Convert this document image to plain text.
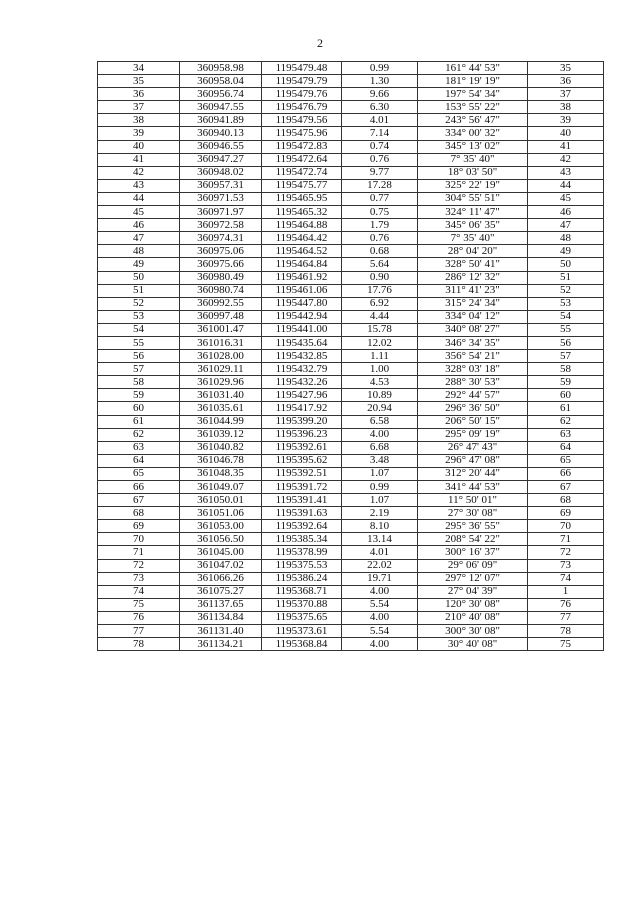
2
34	360958.98	1195479.48	0.99	161° 44' 53"	35
35	360958.04	1195479.79	1.30	181° 19' 19"	36
36	360956.74	1195479.76	9.66	197° 54' 34"	37
37	360947.55	1195476.79	6.30	153° 55' 22"	38
38	360941.89	1195479.56	4.01	243° 56' 47"	39
39	360940.13	1195475.96	7.14	334° 00' 32"	40
40	360946.55	1195472.83	0.74	345° 13' 02"	41
41	360947.27	1195472.64	0.76	7° 35' 40"	42
42	360948.02	1195472.74	9.77	18° 03' 50"	43
43	360957.31	1195475.77	17.28	325° 22' 19"	44
44	360971.53	1195465.95	0.77	304° 55' 51"	45
45	360971.97	1195465.32	0.75	324° 11' 47"	46
46	360972.58	1195464.88	1.79	345° 06' 35"	47
47	360974.31	1195464.42	0.76	7° 35' 40"	48
48	360975.06	1195464.52	0.68	28° 04' 20"	49
49	360975.66	1195464.84	5.64	328° 50' 41"	50
50	360980.49	1195461.92	0.90	286° 12' 32"	51
51	360980.74	1195461.06	17.76	311° 41' 23"	52
52	360992.55	1195447.80	6.92	315° 24' 34"	53
53	360997.48	1195442.94	4.44	334° 04' 12"	54
54	361001.47	1195441.00	15.78	340° 08' 27"	55
55	361016.31	1195435.64	12.02	346° 34' 35"	56
56	361028.00	1195432.85	1.11	356° 54' 21"	57
57	361029.11	1195432.79	1.00	328° 03' 18"	58
58	361029.96	1195432.26	4.53	288° 30' 53"	59
59	361031.40	1195427.96	10.89	292° 44' 57"	60
60	361035.61	1195417.92	20.94	296° 36' 50"	61
61	361044.99	1195399.20	6.58	206° 50' 15"	62
62	361039.12	1195396.23	4.00	295° 09' 19"	63
63	361040.82	1195392.61	6.68	26° 47' 43"	64
64	361046.78	1195395.62	3.48	296° 47' 08"	65
65	361048.35	1195392.51	1.07	312° 20' 44"	66
66	361049.07	1195391.72	0.99	341° 44' 53"	67
67	361050.01	1195391.41	1.07	11° 50' 01"	68
68	361051.06	1195391.63	2.19	27° 30' 08"	69
69	361053.00	1195392.64	8.10	295° 36' 55"	70
70	361056.50	1195385.34	13.14	208° 54' 22"	71
71	361045.00	1195378.99	4.01	300° 16' 37"	72
72	361047.02	1195375.53	22.02	29° 06' 09"	73
73	361066.26	1195386.24	19.71	297° 12' 07"	74
74	361075.27	1195368.71	4.00	27° 04' 39"	1
75	361137.65	1195370.88	5.54	120° 30' 08"	76
76	361134.84	1195375.65	4.00	210° 40' 08"	77
77	361131.40	1195373.61	5.54	300° 30' 08"	78
78	361134.21	1195368.84	4.00	30° 40' 08"	75
